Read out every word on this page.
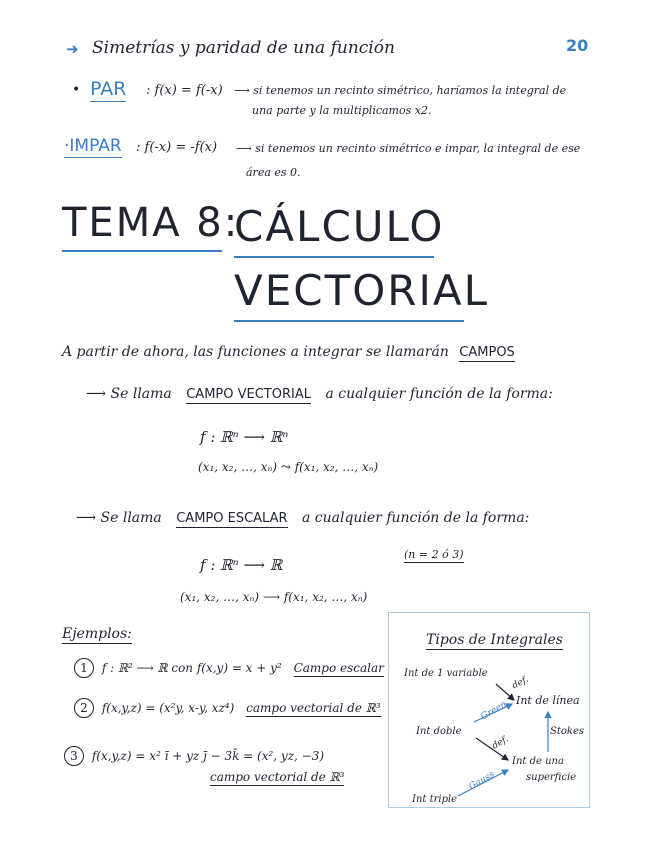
20
➜ Simetrías y paridad de una función
• PAR : f(x) = f(-x) ⟶ si tenemos un recinto simétrico, haríamos la integral de
una parte y la multiplicamos x2.
·IMPAR : f(-x) = -f(x) ⟶ si tenemos un recinto simétrico e impar, la integral de ese
área es 0.
TEMA 8:
CÁLCULO
VECTORIAL
A partir de ahora, las funciones a integrar se llamarán CAMPOS
⟶ Se llama CAMPO VECTORIAL a cualquier función de la forma:
f : ℝⁿ ⟶ ℝⁿ
(x₁, x₂, …, xₙ) ⤳ f(x₁, x₂, …, xₙ)
⟶ Se llama CAMPO ESCALAR a cualquier función de la forma:
(n = 2 ó 3)
f : ℝⁿ ⟶ ℝ
(x₁, x₂, …, xₙ) ⟶ f(x₁, x₂, …, xₙ)
Ejemplos:
1 f : ℝ² ⟶ ℝ con f(x,y) = x + y² Campo escalar
2 f(x,y,z) = (x²y, x-y, xz⁴) campo vectorial de ℝ³
3 f(x,y,z) = x² ī + yz j̄ − 3k̄ = (x², yz, −3)
campo vectorial de ℝ³
Tipos de Integrales
Int de 1 variable
Int de línea
Int doble
Int de una
superficie
Int triple
def.
Green
def.
Gauss
Stokes
